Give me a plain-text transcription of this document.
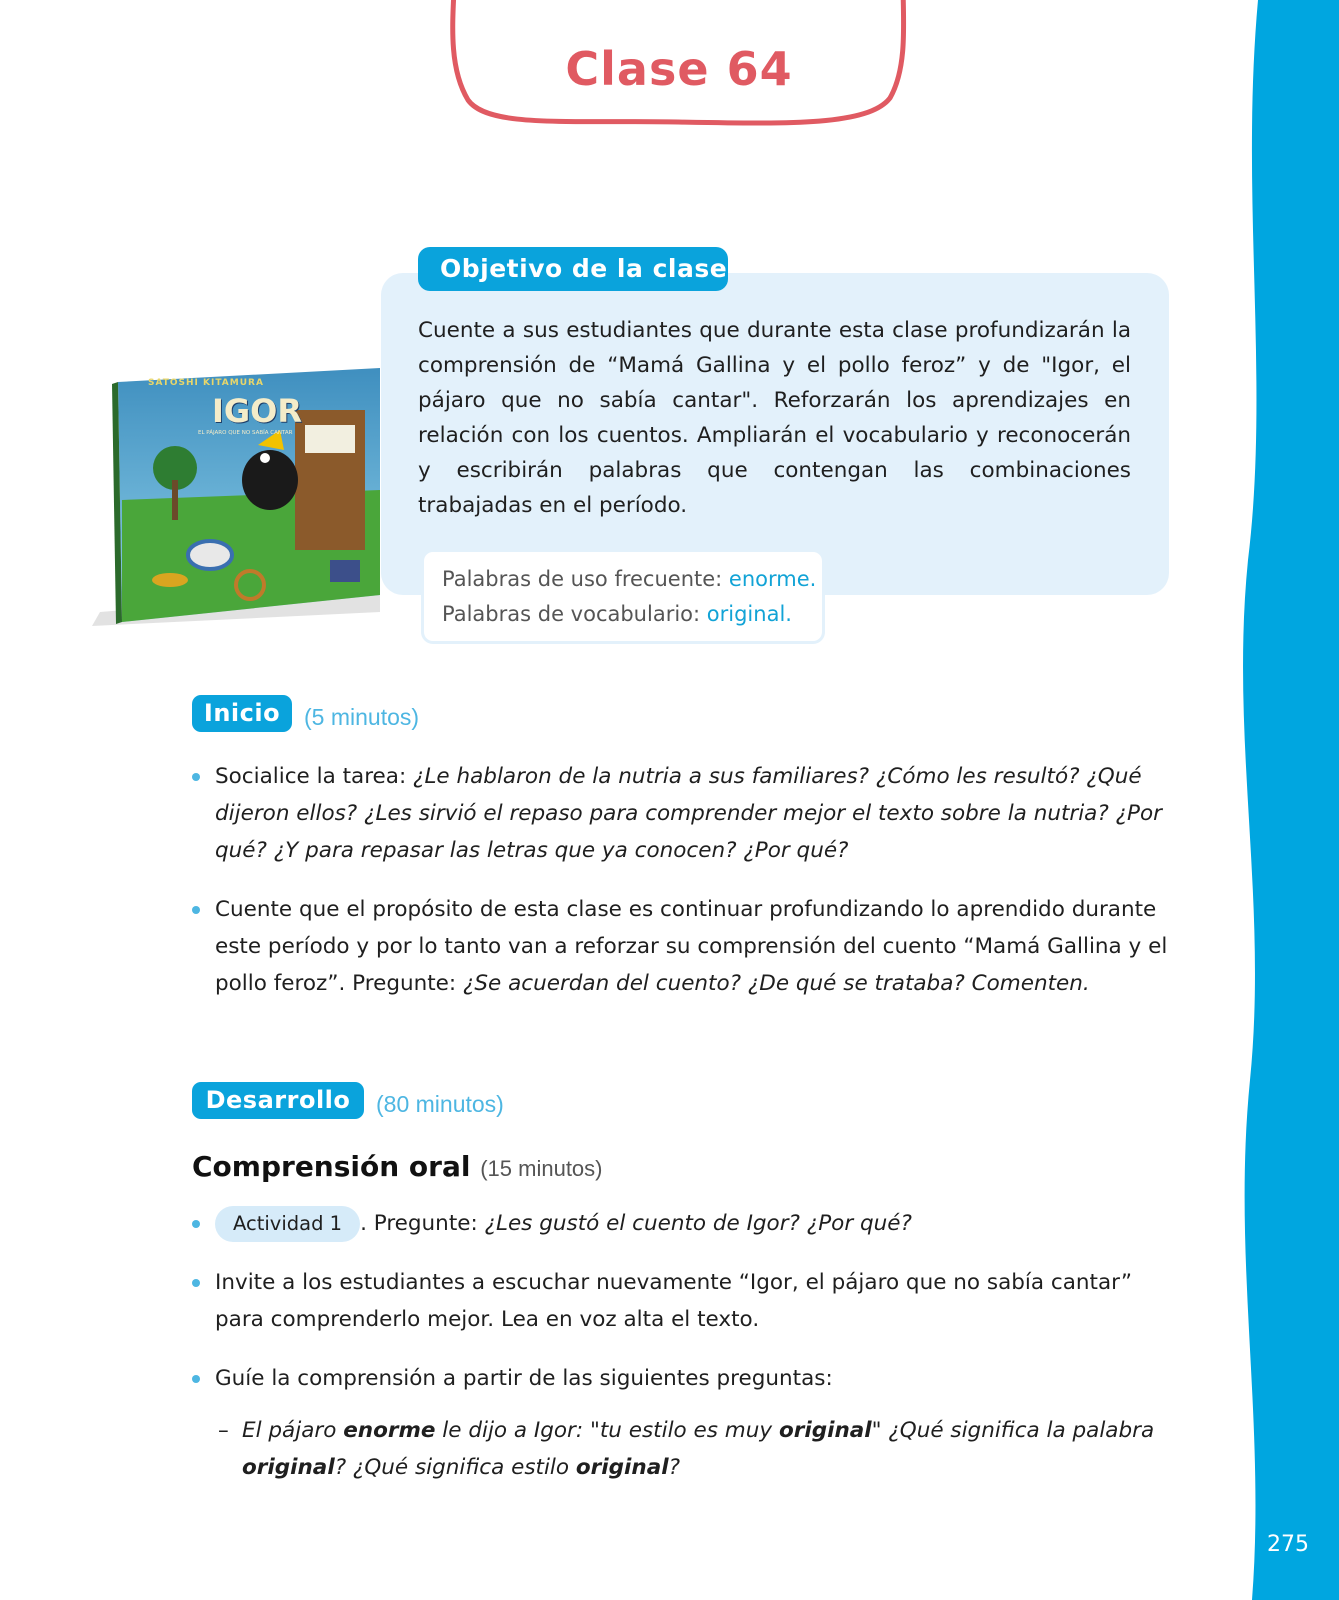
275
Clase 64
SATOSHI KITAMURA
IGOR
EL PÁJARO QUE NO SABÍA CANTAR
Objetivo de la clase

Cuente a sus estudiantes que durante esta clase profundizarán la comprensión de “Mamá Gallina y el pollo feroz” y de "Igor, el pájaro que no sabía cantar". Reforzarán los aprendizajes en relación con los cuentos. Ampliarán el vocabulario y reconocerán y escribirán palabras que contengan las combinaciones trabajadas en el período.

Palabras de uso frecuente: enorme.
Palabras de vocabulario: original.
Inicio	(5 minutos)
Socialice la tarea: ¿Le hablaron de la nutria a sus familiares? ¿Cómo les resultó? ¿Qué dijeron ellos? ¿Les sirvió el repaso para comprender mejor el texto sobre la nutria? ¿Por qué? ¿Y para repasar las letras que ya conocen? ¿Por qué?
Cuente que el propósito de esta clase es continuar profundizando lo aprendido durante este período y por lo tanto van a reforzar su comprensión del cuento “Mamá Gallina y el pollo feroz”. Pregunte: ¿Se acuerdan del cuento? ¿De qué se trataba? Comenten.
Desarrollo	(80 minutos)
Comprensión oral (15 minutos)
Actividad 1 . Pregunte: ¿Les gustó el cuento de Igor? ¿Por qué?
Invite a los estudiantes a escuchar nuevamente “Igor, el pájaro que no sabía cantar” para comprenderlo mejor. Lea en voz alta el texto.
Guíe la comprensión a partir de las siguientes preguntas:
– El pájaro enorme le dijo a Igor: "tu estilo es muy original" ¿Qué significa la palabra original? ¿Qué significa estilo original?
